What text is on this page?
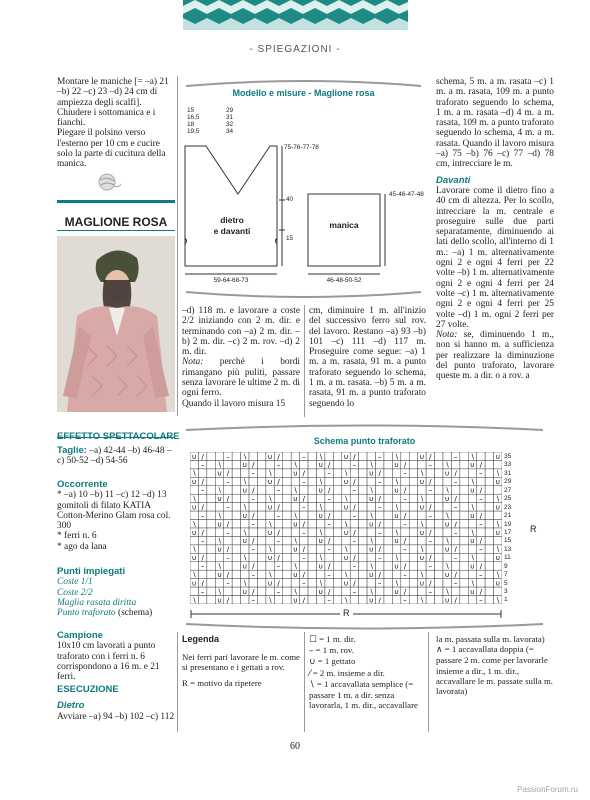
- SPIEGAZIONI -

Montare le maniche [= –a) 21 –b) 22 –c) 23 –d) 24 cm di ampiezza degli scalfi]. Chiudere i sottomanica e i fianchi.

Piegare il polsino verso l'esterno per 10 cm e cucire solo la parte di cucitura della manica.

MAGLIONE ROSA
EFFETTO SPETTACOLARE
Taglie: –a) 42-44 –b) 46-48 –c) 50-52 –d) 54-56
Occorrente

* –a) 10 –b) 11 –c) 12 –d) 13 gomitoli di filato KATIA Cotton-Merino Glam rosa col. 300

* ferri n. 6

* ago da lana

Punti impiegati

Coste 1/1

Coste 2/2

Maglia rasata diritta

Punto traforato (schema)

Campione

10x10 cm lavorati a punto traforato con i ferri n. 6 corrispondono a 16 m. e 21 ferri.

ESECUZIONE
Dietro

Avviare –a) 94 –b) 102 –c) 112

Modello e misure - Maglione rosa
15
16,5
18
19,5
29
31
32
34
75-76-77-78
40
15
dietro
e davanti
59-64-68-73
manica
45-46-47-48
46-48-50-52

–d) 118 m. e lavorare a coste 2/2 iniziando con 2 m. dir. e terminando con –a) 2 m. dir. –b) 2 m. dir. –c) 2 m. rov. –d) 2 m. dir.

Nota: perché i bordi rimangano più puliti, passare senza lavorare le ultime 2 m. di ogni ferro.

Quando il lavoro misura 15

cm, diminuire 1 m. all'inizio del successivo ferro sul rov. del lavoro. Restano –a) 93 –b) 101 –c) 111 –d) 117 m. Proseguire come segue: –a) 1 m. a m. rasata, 91 m. a punto traforato seguendo lo schema, 1 m. a m. rasata. –b) 5 m. a m. rasata, 91 m. a punto traforato seguendo lo

schema, 5 m. a m. rasata –c) 1 m. a m. rasata, 109 m. a punto traforato seguendo lo schema, 1 m. a m. rasata –d) 4 m. a m. rasata, 109 m. a punto traforato seguendo lo schema, 4 m. a m. rasata. Quando il lavoro misura –a) 75 –b) 76 –c) 77 –d) 78 cm, intrecciare le m.

Davanti

Lavorare come il dietro fino a 40 cm di altezza. Per lo scollo, intrecciare la m. centrale e proseguire sulle due parti separatamente, diminuendo ai lati dello scollo, all'interno di 1 m.: –a) 1 m. alternativamente ogni 2 e ogni 4 ferri per 22 volte –b) 1 m. alternativamente ogni 2 e ogni 4 ferri per 24 volte –c) 1 m. alternativamente ogni 2 e ogni 4 ferri per 25 volte –d) 1 m. ogni 2 ferri per 27 volte.

Nota: se, diminuendo 1 m., non si hanno m. a sufficienza per realizzare la diminuzione del punto traforato, lavorare queste m. a dir. o a rov. a

Schema punto traforato
∪ /	– ∖	∪ /	– ∖	∪ /	– ∖	∪ /	– ∖	∪
– ∖	∪ /	– ∖	∪ /	– ∖	∪ /	– ∖	∪ /
∖	∪ /	– ∖	∪ /	– ∖	∪ /	– ∖	∪ /	– ∖
∪ /	– ∖	∪ /	– ∖	∪ /	– ∖	∪ /	– ∖	∪
– ∖	∪ /	– ∖	∪ /	– ∖	∪ /	– ∖	∪ /
∖	∪ /	– ∖	∪ /	– ∖	∪ /	– ∖	∪ /	– ∖
∪ /	– ∖	∪ /	– ∖	∪ /	– ∖	∪ /	– ∖	∪
– ∖	∪ /	– ∖	∪ /	– ∖	∪ /	– ∖	∪ /
∖	∪ /	– ∖	∪ /	– ∖	∪ /	– ∖	∪ /	– ∖
∪ /	– ∖	∪ /	– ∖	∪ /	– ∖	∪ /	– ∖	∪
– ∖	∪ /	– ∖	∪ /	– ∖	∪ /	– ∖	∪ /
∖	∪ /	– ∖	∪ /	– ∖	∪ /	– ∖	∪ /	– ∖
∪ /	– ∖	∪ /	– ∖	∪ /	– ∖	∪ /	– ∖	∪
– ∖	∪ /	– ∖	∪ /	– ∖	∪ /	– ∖	∪ /
∖	∪ /	– ∖	∪ /	– ∖	∪ /	– ∖	∪ /	– ∖
∪ /	– ∖	∪ /	– ∖	∪ /	– ∖	∪ /	– ∖	∪
– ∖	∪ /	– ∖	∪ /	– ∖	∪ /	– ∖	∪ /
∖	∪ /	– ∖	∪ /	– ∖	∪ /	– ∖	∪ /	– ∖
35
33
31
29
27
25
23
21
19
17
15
13
11
9
7
5
3
1
R
R
Legenda

Nei ferri pari lavorare le m. come si presentano e i gettati a rov.

R = motivo da ripetere

☐ = 1 m. dir.
– = 1 m. rov.
∪ = 1 gettato
⁄ = 2 m. insieme a dir.
∖ = 1 accavallata semplice (= passare 1 m. a dir. senza lavorarla, 1 m. dir., accavallare
la m. passata sulla m. lavorata)
∧ = 1 accavallata doppia (= passare 2 m. come per lavorarle insieme a dir., 1 m. dir., accavallare le m. passate sulla m. lavorata)
60
PassionForum.ru
